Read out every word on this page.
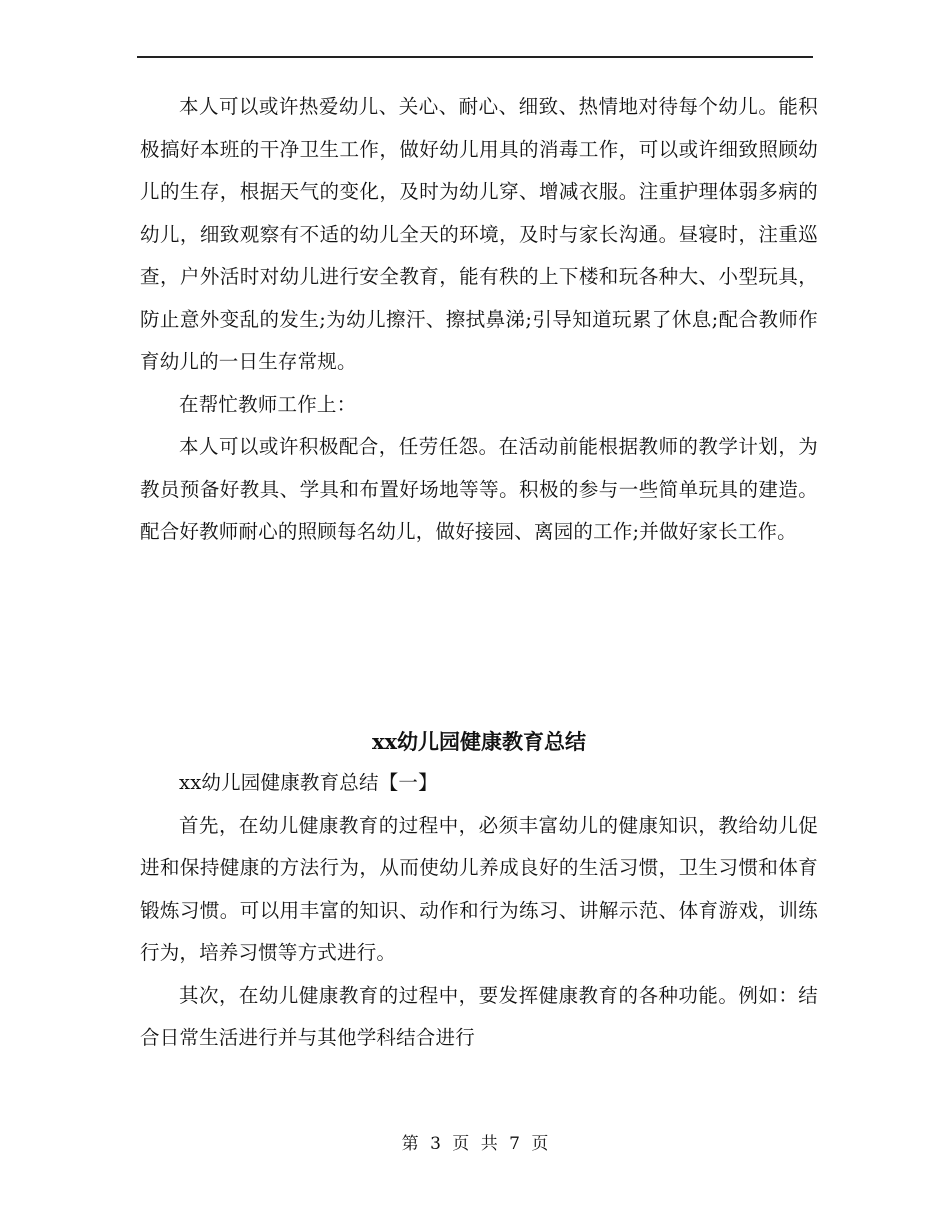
本人可以或许热爱幼儿、关心、耐心、细致、热情地对待每个幼儿。能积极搞好本班的干净卫生工作，做好幼儿用具的消毒工作，可以或许细致照顾幼儿的生存，根据天气的变化，及时为幼儿穿、增减衣服。注重护理体弱多病的幼儿，细致观察有不适的幼儿全天的环境，及时与家长沟通。昼寝时，注重巡查，户外活时对幼儿进行安全教育，能有秩的上下楼和玩各种大、小型玩具，防止意外变乱的发生;为幼儿擦汗、擦拭鼻涕;引导知道玩累了休息;配合教师作育幼儿的一日生存常规。

在帮忙教师工作上：

本人可以或许积极配合，任劳任怨。在活动前能根据教师的教学计划，为教员预备好教具、学具和布置好场地等等。积极的参与一些简单玩具的建造。配合好教师耐心的照顾每名幼儿，做好接园、离园的工作;并做好家长工作。

xx幼儿园健康教育总结

xx幼儿园健康教育总结【一】

首先，在幼儿健康教育的过程中，必须丰富幼儿的健康知识，教给幼儿促进和保持健康的方法行为，从而使幼儿养成良好的生活习惯，卫生习惯和体育锻炼习惯。可以用丰富的知识、动作和行为练习、讲解示范、体育游戏，训练行为，培养习惯等方式进行。

其次，在幼儿健康教育的过程中，要发挥健康教育的各种功能。例如：结合日常生活进行并与其他学科结合进行

第 3 页 共 7 页
